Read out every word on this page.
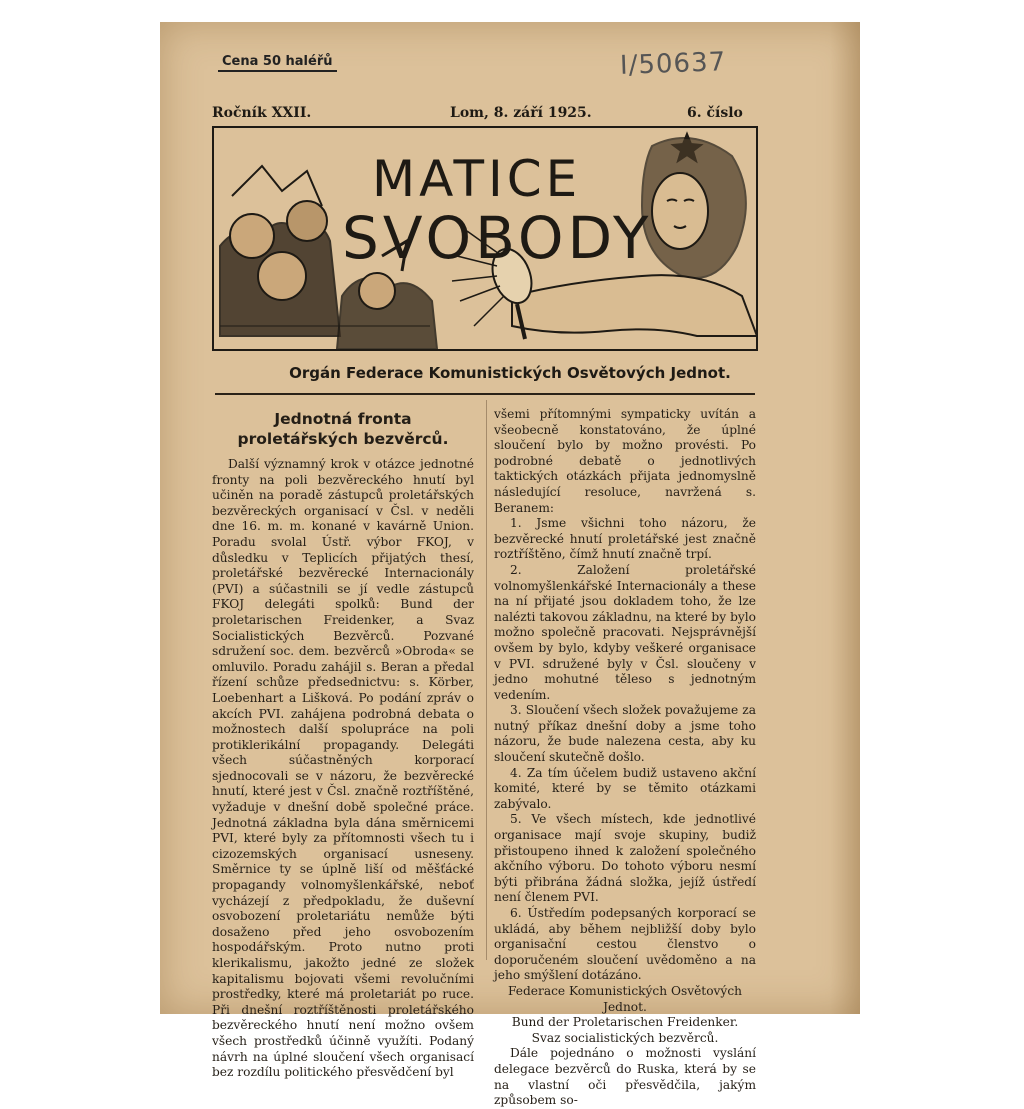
Cena 50 haléřů	I/50637
Ročník XXII.	Lom, 8. září 1925.	6. číslo
MATICE
SVOBODY
Orgán Federace Komunistických Osvětových Jednot.
Jednotná fronta proletářských bezvěrců.

Další významný krok v otázce jednotné fronty na poli bezvěreckého hnutí byl učiněn na poradě zástupců proletářských bezvěreckých organisací v Čsl. v neděli dne 16. m. m. konané v kavárně Union. Poradu svolal Ústř. výbor FKOJ, v důsledku v Teplicích přijatých thesí, proletářské bezvěrecké Internacionály (PVI) a súčastnili se jí vedle zástupců FKOJ delegáti spolků: Bund der proletarischen Freidenker, a Svaz Socialistických Bezvěrců. Pozvané sdružení soc. dem. bezvěrců »Obroda« se omluvilo. Poradu zahájil s. Beran a předal řízení schůze předsednictvu: s. Körber, Loebenhart a Lišková. Po podání zpráv o akcích PVI. zahájena podrobná debata o možnostech další spolupráce na poli protiklerikální propagandy. Delegáti všech súčastněných korporací sjednocovali se v názoru, že bezvěrecké hnutí, které jest v Čsl. značně roztříštěné, vyžaduje v dnešní době společné práce. Jednotná základna byla dána směrnicemi PVI, které byly za přítomnosti všech tu i cizozemských organisací usneseny. Směrnice ty se úplně liší od měšťácké propagandy volnomyšlenkářské, neboť vycházejí z předpokladu, že duševní osvobození proletariátu nemůže býti dosaženo před jeho osvobozením hospodářským. Proto nutno proti klerikalismu, jakožto jedné ze složek kapitalismu bojovati všemi revolučními prostředky, které má proletariát po ruce. Při dnešní roztříštěnosti proletářského bezvěreckého hnutí není možno ovšem všech prostředků účinně využíti. Podaný návrh na úplné sloučení všech organisací bez rozdílu politického přesvědčení byl

všemi přítomnými sympaticky uvítán a všeobecně konstatováno, že úplné sloučení bylo by možno provésti. Po podrobné debatě o jednotlivých taktických otázkách přijata jednomyslně následující resoluce, navržená s. Beranem:

1. Jsme všichni toho názoru, že bezvěrecké hnutí proletářské jest značně roztříštěno, čímž hnutí značně trpí.

2. Založení proletářské volnomyšlenkářské Internacionály a these na ní přijaté jsou dokladem toho, že lze nalézti takovou základnu, na které by bylo možno společně pracovati. Nejsprávnější ovšem by bylo, kdyby veškeré organisace v PVI. sdružené byly v Čsl. sloučeny v jedno mohutné těleso s jednotným vedením.

3. Sloučení všech složek považujeme za nutný příkaz dnešní doby a jsme toho názoru, že bude nalezena cesta, aby ku sloučení skutečně došlo.

4. Za tím účelem budiž ustaveno akční komité, které by se těmito otázkami zabývalo.

5. Ve všech místech, kde jednotlivé organisace mají svoje skupiny, budiž přistoupeno ihned k založení společného akčního výboru. Do tohoto výboru nesmí býti přibrána žádná složka, jejíž ústředí není členem PVI.

6. Ústředím podepsaných korporací se ukládá, aby během nejbližší doby bylo organisační cestou členstvo o doporučeném sloučení uvědoměno a na jeho smýšlení dotázáno.

Federace Komunistických Osvětových Jednot.

Bund der Proletarischen Freidenker.

Svaz socialistických bezvěrců.

Dále pojednáno o možnosti vyslání delegace bezvěrců do Ruska, která by se na vlastní oči přesvědčila, jakým způsobem so-
